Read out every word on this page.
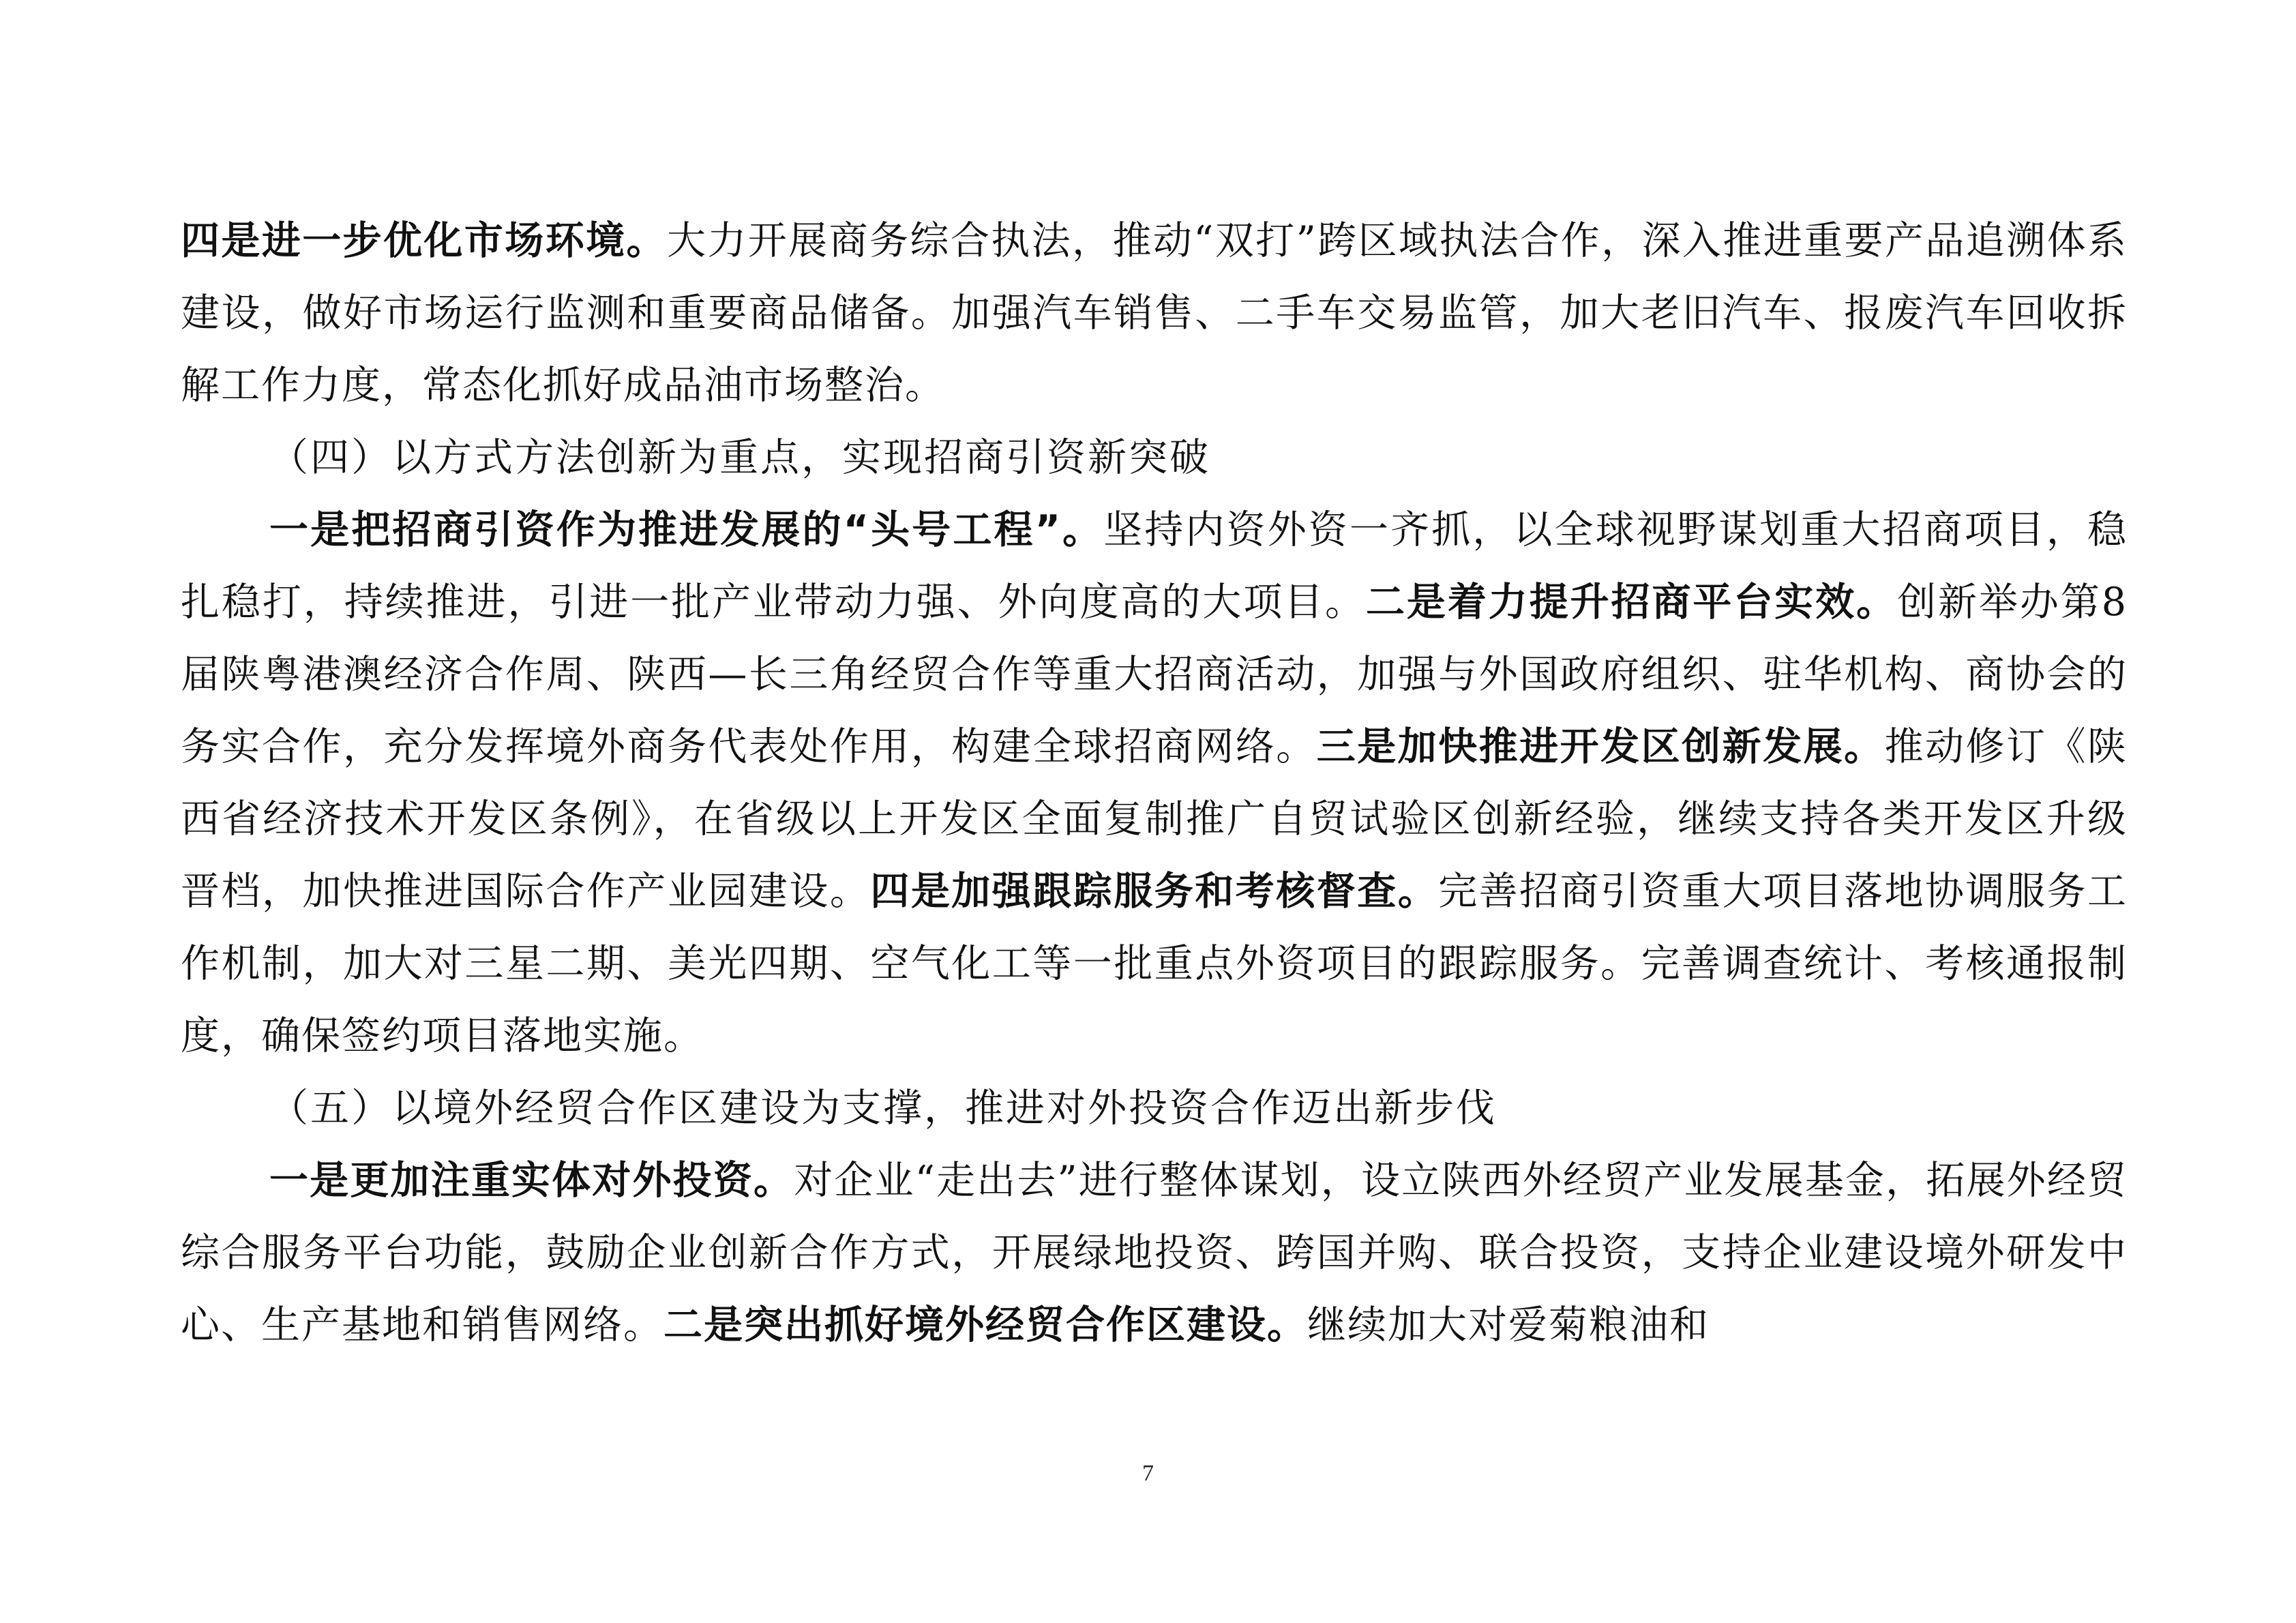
四是进一步优化市场环境。大力开展商务综合执法，推动“双打”跨区域执法合作，深入推进重要产品追溯体系建设，做好市场运行监测和重要商品储备。加强汽车销售、二手车交易监管，加大老旧汽车、报废汽车回收拆解工作力度，常态化抓好成品油市场整治。

（四）以方式方法创新为重点，实现招商引资新突破

一是把招商引资作为推进发展的“头号工程”。坚持内资外资一齐抓，以全球视野谋划重大招商项目，稳扎稳打，持续推进，引进一批产业带动力强、外向度高的大项目。二是着力提升招商平台实效。创新举办第8届陕粤港澳经济合作周、陕西—长三角经贸合作等重大招商活动，加强与外国政府组织、驻华机构、商协会的务实合作，充分发挥境外商务代表处作用，构建全球招商网络。三是加快推进开发区创新发展。推动修订《陕西省经济技术开发区条例》，在省级以上开发区全面复制推广自贸试验区创新经验，继续支持各类开发区升级晋档，加快推进国际合作产业园建设。四是加强跟踪服务和考核督查。完善招商引资重大项目落地协调服务工作机制，加大对三星二期、美光四期、空气化工等一批重点外资项目的跟踪服务。完善调查统计、考核通报制度，确保签约项目落地实施。

（五）以境外经贸合作区建设为支撑，推进对外投资合作迈出新步伐

一是更加注重实体对外投资。对企业“走出去”进行整体谋划，设立陕西外经贸产业发展基金，拓展外经贸综合服务平台功能，鼓励企业创新合作方式，开展绿地投资、跨国并购、联合投资，支持企业建设境外研发中心、生产基地和销售网络。二是突出抓好境外经贸合作区建设。继续加大对爱菊粮油和

7
